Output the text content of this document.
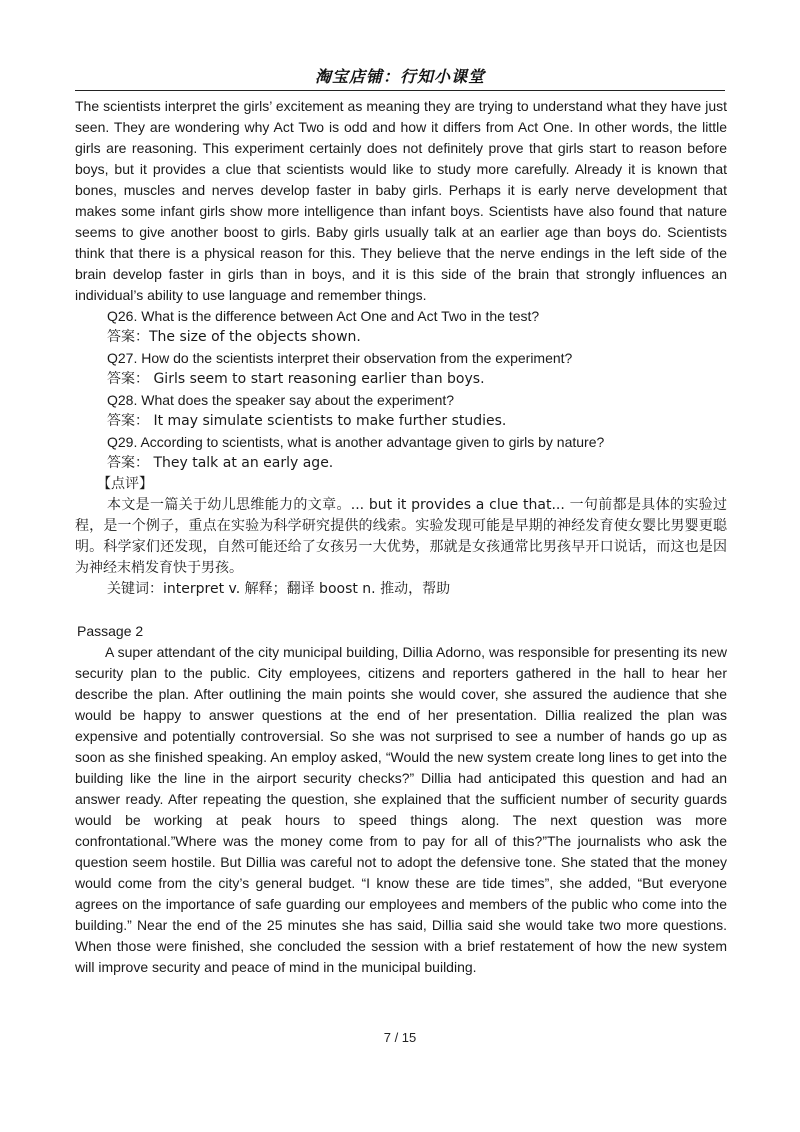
淘宝店铺：行知小课堂

The scientists interpret the girls’ excitement as meaning they are trying to understand what they have just seen. They are wondering why Act Two is odd and how it differs from Act One. In other words, the little girls are reasoning. This experiment certainly does not definitely prove that girls start to reason before boys, but it provides a clue that scientists would like to study more carefully. Already it is known that bones, muscles and nerves develop faster in baby girls. Perhaps it is early nerve development that makes some infant girls show more intelligence than infant boys. Scientists have also found that nature seems to give another boost to girls. Baby girls usually talk at an earlier age than boys do. Scientists think that there is a physical reason for this. They believe that the nerve endings in the left side of the brain develop faster in girls than in boys, and it is this side of the brain that strongly influences an individual’s ability to use language and remember things.

Q26. What is the difference between Act One and Act Two in the test?

答案：The size of the objects shown.

Q27. How do the scientists interpret their observation from the experiment?

答案： Girls seem to start reasoning earlier than boys.

Q28. What does the speaker say about the experiment?

答案： It may simulate scientists to make further studies.

Q29. According to scientists, what is another advantage given to girls by nature?

答案： They talk at an early age.

【点评】

本文是一篇关于幼儿思维能力的文章。... but it provides a clue that... 一句前都是具体的实验过程，是一个例子，重点在实验为科学研究提供的线索。实验发现可能是早期的神经发育使女婴比男婴更聪明。科学家们还发现，自然可能还给了女孩另一大优势，那就是女孩通常比男孩早开口说话，而这也是因为神经末梢发育快于男孩。

关键词：interpret v. 解释；翻译 boost n. 推动，帮助

Passage 2

A super attendant of the city municipal building, Dillia Adorno, was responsible for presenting its new security plan to the public. City employees, citizens and reporters gathered in the hall to hear her describe the plan. After outlining the main points she would cover, she assured the audience that she would be happy to answer questions at the end of her presentation. Dillia realized the plan was expensive and potentially controversial. So she was not surprised to see a number of hands go up as soon as she finished speaking. An employ asked, “Would the new system create long lines to get into the building like the line in the airport security checks?” Dillia had anticipated this question and had an answer ready. After repeating the question, she explained that the sufficient number of security guards would be working at peak hours to speed things along. The next question was more confrontational.”Where was the money come from to pay for all of this?”The journalists who ask the question seem hostile. But Dillia was careful not to adopt the defensive tone. She stated that the money would come from the city’s general budget. “I know these are tide times”, she added, “But everyone agrees on the importance of safe guarding our employees and members of the public who come into the building.” Near the end of the 25 minutes she has said, Dillia said she would take two more questions. When those were finished, she concluded the session with a brief restatement of how the new system will improve security and peace of mind in the municipal building.

7 / 15
